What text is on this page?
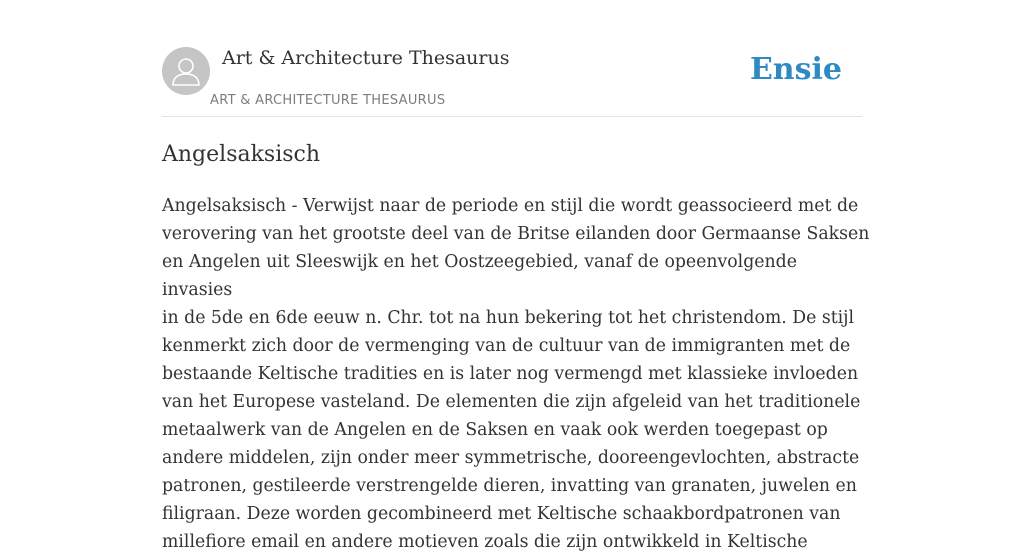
Art & Architecture Thesaurus
ART & ARCHITECTURE THESAURUS
Ensie
Angelsaksisch

Angelsaksisch - Verwijst naar de periode en stijl die wordt geassocieerd met de
verovering van het grootste deel van de Britse eilanden door Germaanse Saksen
en Angelen uit Sleeswijk en het Oostzeegebied, vanaf de opeenvolgende invasies
in de 5de en 6de eeuw n. Chr. tot na hun bekering tot het christendom. De stijl
kenmerkt zich door de vermenging van de cultuur van de immigranten met de
bestaande Keltische tradities en is later nog vermengd met klassieke invloeden
van het Europese vasteland. De elementen die zijn afgeleid van het traditionele
metaalwerk van de Angelen en de Saksen en vaak ook werden toegepast op
andere middelen, zijn onder meer symmetrische, dooreengevlochten, abstracte
patronen, gestileerde verstrengelde dieren, invatting van granaten, juwelen en
filigraan. Deze worden gecombineerd met Keltische schaakbordpatronen van
millefiore email en andere motieven zoals die zijn ontwikkeld in Keltische
